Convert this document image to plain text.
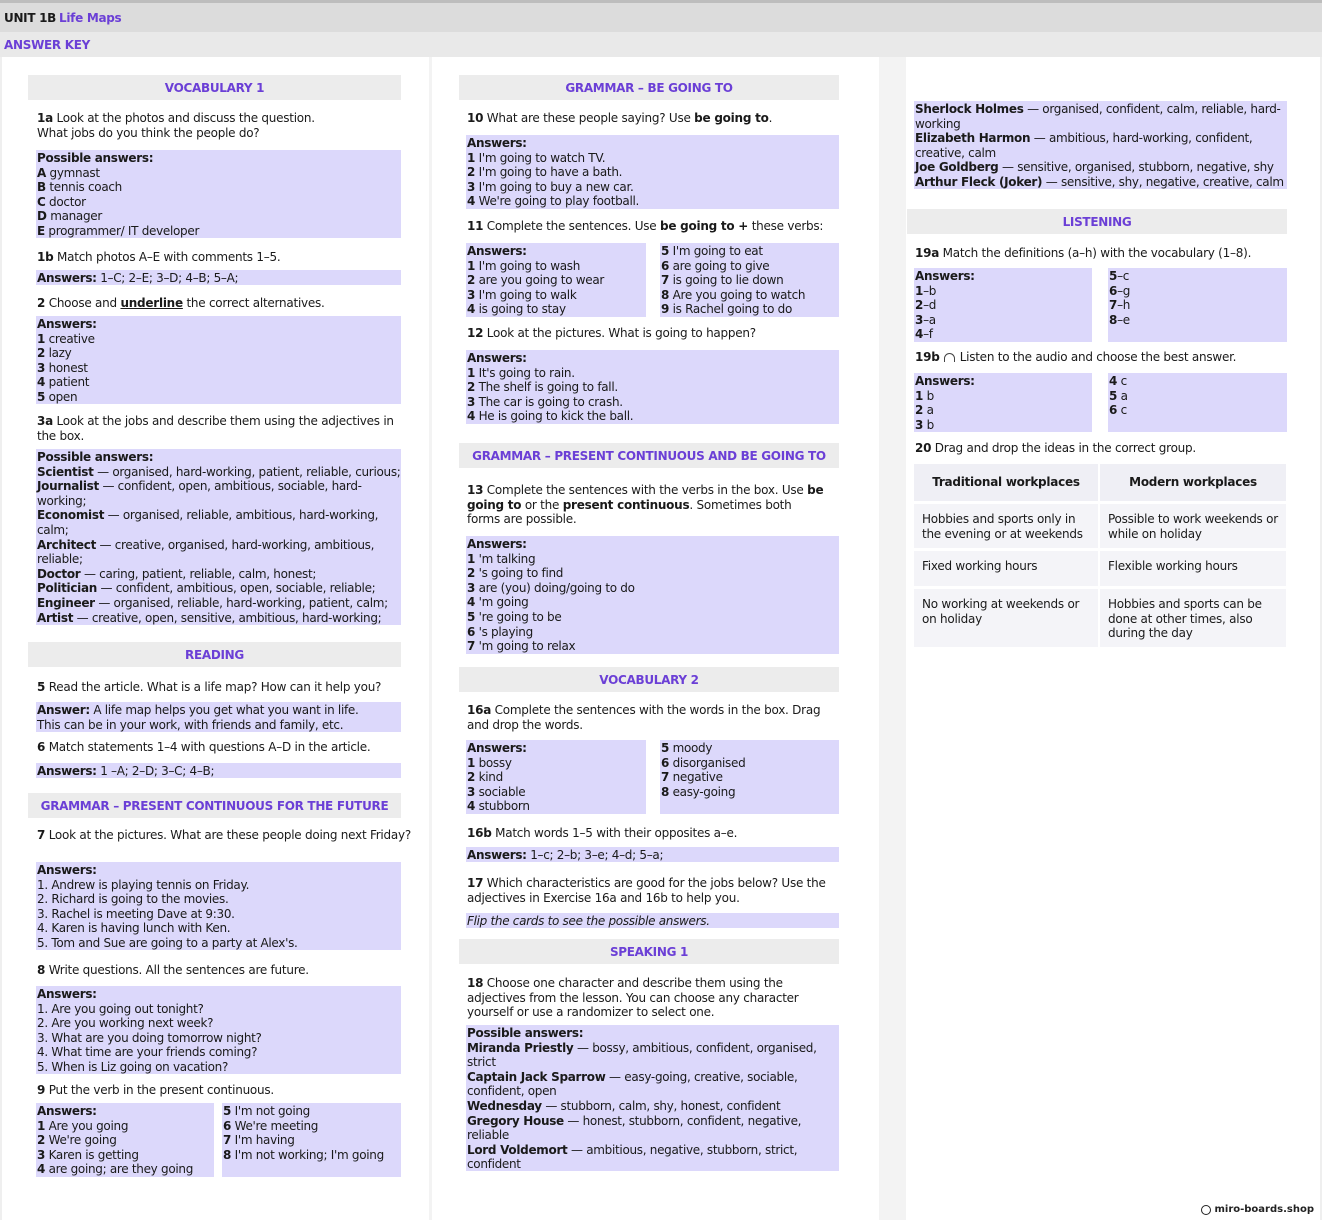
UNIT 1B Life Maps
ANSWER KEY
VOCABULARY 1
1a Look at the photos and discuss the question.
What jobs do you think the people do?
Possible answers:
A gymnast
B tennis coach
C doctor
D manager
E programmer/ IT developer
1b Match photos A–E with comments 1–5.
Answers: 1–C; 2–E; 3–D; 4–B; 5–A;
2 Choose and underline the correct alternatives.
Answers:
1 creative
2 lazy
3 honest
4 patient
5 open
3a Look at the jobs and describe them using the adjectives in the box.
Possible answers:
Scientist — organised, hard-working, patient, reliable, curious;
Journalist — confident, open, ambitious, sociable, hard-working;
Economist — organised, reliable, ambitious, hard-working, calm;
Architect — creative, organised, hard-working, ambitious, reliable;
Doctor — caring, patient, reliable, calm, honest;
Politician — confident, ambitious, open, sociable, reliable;
Engineer — organised, reliable, hard-working, patient, calm;
Artist — creative, open, sensitive, ambitious, hard-working;
READING
5 Read the article. What is a life map? How can it help you?
Answer: A life map helps you get what you want in life.
This can be in your work, with friends and family, etc.
6 Match statements 1–4 with questions A–D in the article.
Answers: 1 –A; 2–D; 3–C; 4–B;
GRAMMAR – PRESENT CONTINUOUS FOR THE FUTURE
7 Look at the pictures. What are these people doing next Friday?
Answers:
1. Andrew is playing tennis on Friday.
2. Richard is going to the movies.
3. Rachel is meeting Dave at 9:30.
4. Karen is having lunch with Ken.
5. Tom and Sue are going to a party at Alex's.
8 Write questions. All the sentences are future.
Answers:
1. Are you going out tonight?
2. Are you working next week?
3. What are you doing tomorrow night?
4. What time are your friends coming?
5. When is Liz going on vacation?
9 Put the verb in the present continuous.
Answers:
1 Are you going
2 We're going
3 Karen is getting
4 are going; are they going
5 I'm not going
6 We're meeting
7 I'm having
8 I'm not working; I'm going
GRAMMAR – BE GOING TO
10 What are these people saying? Use be going to.
Answers:
1 I'm going to watch TV.
2 I'm going to have a bath.
3 I'm going to buy a new car.
4 We're going to play football.
11 Complete the sentences. Use be going to + these verbs:
Answers:
1 I'm going to wash
2 are you going to wear
3 I'm going to walk
4 is going to stay
5 I'm going to eat
6 are going to give
7 is going to lie down
8 Are you going to watch
9 is Rachel going to do
12 Look at the pictures. What is going to happen?
Answers:
1 It's going to rain.
2 The shelf is going to fall.
3 The car is going to crash.
4 He is going to kick the ball.
GRAMMAR – PRESENT CONTINUOUS AND BE GOING TO
13 Complete the sentences with the verbs in the box. Use be going to or the present continuous. Sometimes both forms are possible.
Answers:
1 'm talking
2 's going to find
3 are (you) doing/going to do
4 'm going
5 're going to be
6 's playing
7 'm going to relax
VOCABULARY 2
16a Complete the sentences with the words in the box. Drag and drop the words.
Answers:
1 bossy
2 kind
3 sociable
4 stubborn
5 moody
6 disorganised
7 negative
8 easy-going
16b Match words 1–5 with their opposites a–e.
Answers: 1–c; 2–b; 3–e; 4–d; 5–a;
17 Which characteristics are good for the jobs below? Use the adjectives in Exercise 16a and 16b to help you.
Flip the cards to see the possible answers.
SPEAKING 1
18 Choose one character and describe them using the adjectives from the lesson. You can choose any character yourself or use a randomizer to select one.
Possible answers:
Miranda Priestly — bossy, ambitious, confident, organised, strict
Captain Jack Sparrow — easy-going, creative, sociable, confident, open
Wednesday — stubborn, calm, shy, honest, confident
Gregory House — honest, stubborn, confident, negative, reliable
Lord Voldemort — ambitious, negative, stubborn, strict, confident
Sherlock Holmes — organised, confident, calm, reliable, hard-working
Elizabeth Harmon — ambitious, hard-working, confident, creative, calm
Joe Goldberg — sensitive, organised, stubborn, negative, shy
Arthur Fleck (Joker) — sensitive, shy, negative, creative, calm
LISTENING
19a Match the definitions (a–h) with the vocabulary (1–8).
Answers:
1–b
2–d
3–a
4–f
5–c
6–g
7–h
8–e
19b Listen to the audio and choose the best answer.
Answers:
1 b
2 a
3 b
4 c
5 a
6 c
20 Drag and drop the ideas in the correct group.
Traditional workplaces	Modern workplaces
Hobbies and sports only in the evening or at weekends
Possible to work weekends or while on holiday
Fixed working hours	Flexible working hours
No working at weekends or on holiday
Hobbies and sports can be done at other times, also during the day
miro-boards.shop
